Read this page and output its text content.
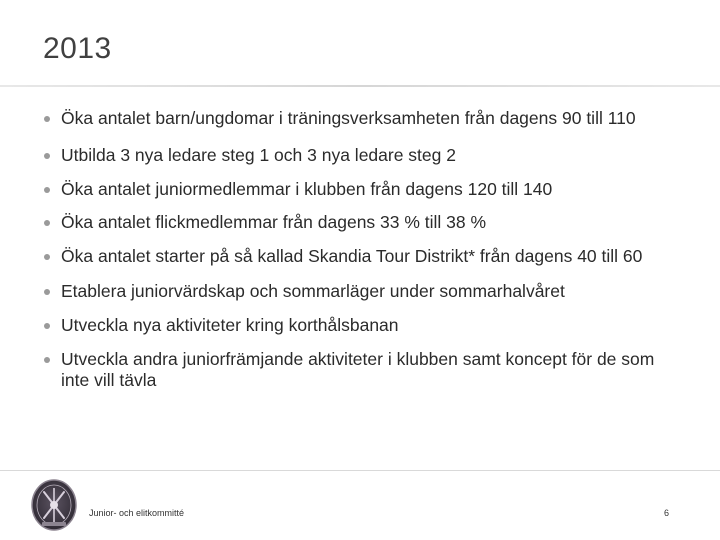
2013
Öka antalet barn/ungdomar i träningsverksamheten från dagens 90 till 110
Utbilda 3 nya ledare steg 1 och 3 nya ledare steg 2
Öka antalet juniormedlemmar i klubben från dagens 120 till 140
Öka antalet flickmedlemmar från dagens 33 % till 38 %
Öka antalet starter på så kallad Skandia Tour Distrikt* från dagens 40 till 60
Etablera juniorvärdskap och sommarläger under sommarhalvåret
Utveckla nya aktiviteter kring korthålsbanan
Utveckla andra juniorfrämjande aktiviteter i klubben samt koncept för de som inte vill tävla
Junior- och elitkommitté	6
